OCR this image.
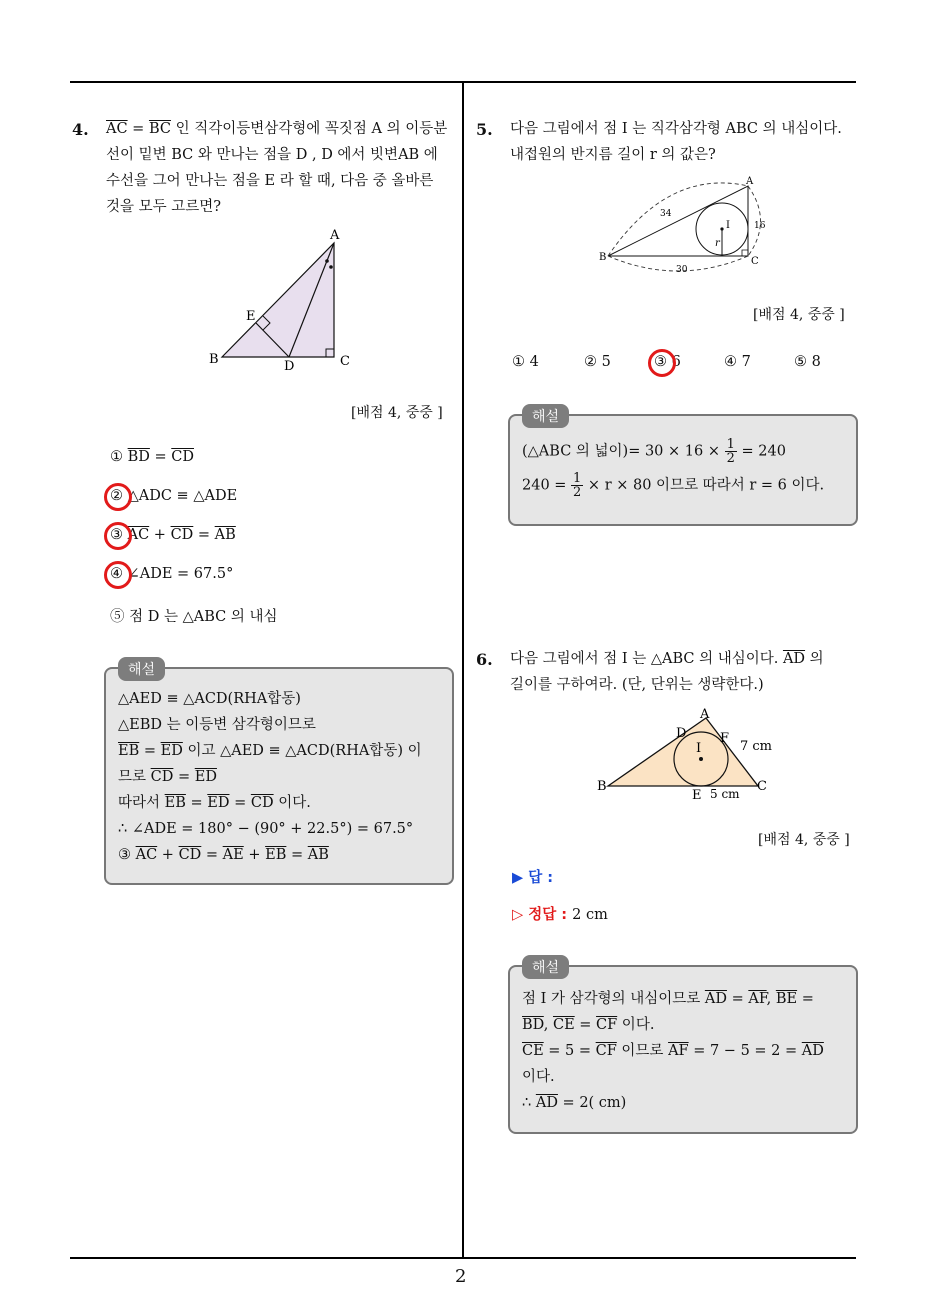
2
4. $\overline{AC} = \overline{BC}$ 인 직각이등변삼각형에 꼭짓점 A 의 이등분
선이 밑변 BC 와 만나는 점을 D , D 에서 빗변AB 에
수선을 그어 만나는 점을 E 라 할 때, 다음 중 올바른
것을 모두 고르면?
A
B	C
D
E
[배점 4, 중중 ]
① $\overline{BD} = \overline{CD}$
② △ADC ≡ △ADE
③ $\overline{AC} + \overline{CD} = \overline{AB}$
④ ∠ADE = 67.5°
⑤ 점 D 는 △ABC 의 내심
해설
△AED ≡ △ACD(RHA합동)
△EBD 는 이등변 삼각형이므로
$\overline{EB} = \overline{ED}$ 이고 △AED ≡ △ACD(RHA합동) 이
므로 $\overline{CD} = \overline{ED}$
따라서 $\overline{EB} = \overline{ED} = \overline{CD}$ 이다.
∴ ∠ADE = 180° − (90° + 22.5°) = 67.5°
③ $\overline{AC} + \overline{CD} = \overline{AE} + \overline{EB} = \overline{AB}$
5. 다음 그림에서 점 I 는 직각삼각형 ABC 의 내심이다.
내접원의 반지름 길이 r 의 값은?
A
B	C
I
r
34
30
16
[배점 4, 중중 ]
① 4	② 5	③ 6	④ 7	⑤ 8
해설
(△ABC 의 넓이)= $30 \times 16 \times \frac{1}{2} = 240$
$240 = \frac{1}{2} \times r \times 80$ 이므로 따라서 r = 6 이다.
6. 다음 그림에서 점 I 는 △ABC 의 내심이다. $\overline{AD}$ 의
길이를 구하여라. (단, 단위는 생략한다.)
A
B	C
D
E
F
I	7 cm
5 cm
[배점 4, 중중 ]
▶ 답 :
▷ 정답 : 2 cm
해설
점 I 가 삼각형의 내심이므로 $\overline{AD} = \overline{AF}$, $\overline{BE}$ =
$\overline{BD}$, $\overline{CE} = \overline{CF}$ 이다.
$\overline{CE} = 5 = \overline{CF}$ 이므로 $\overline{AF} = 7 - 5 = 2 = \overline{AD}$
이다.
∴ $\overline{AD} = 2$( cm)
